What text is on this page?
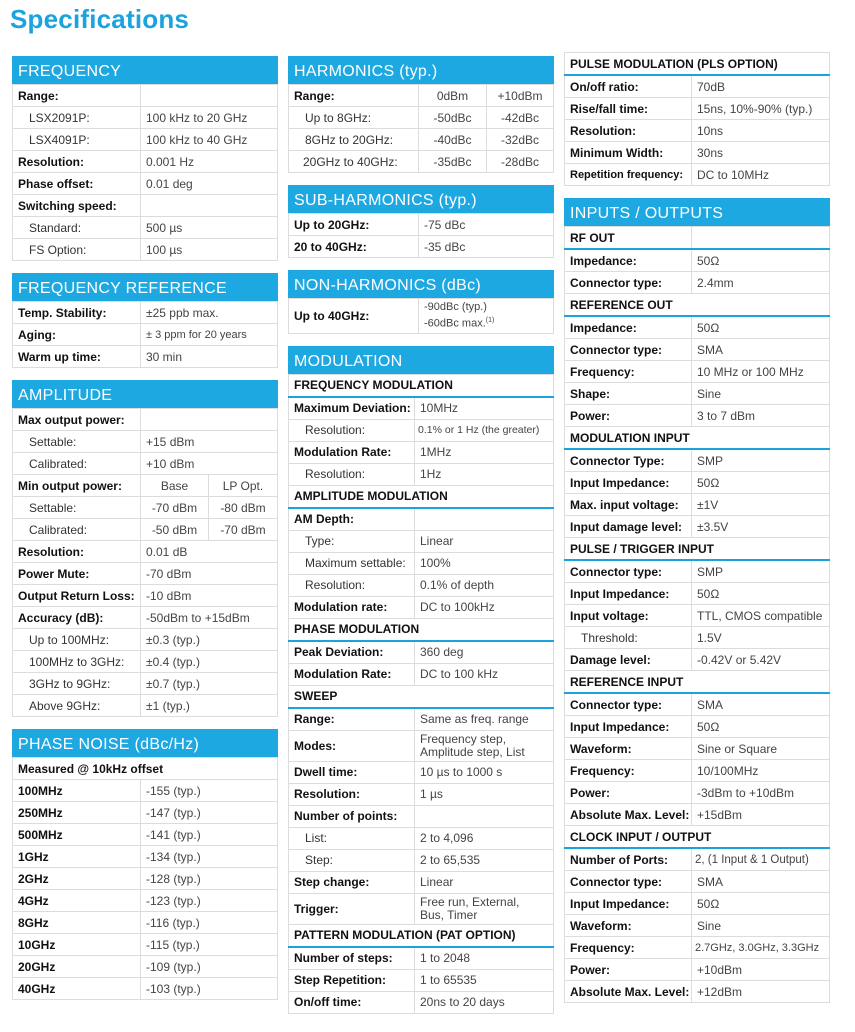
Specifications
FREQUENCY
Range:	
LSX2091P:	100 kHz to 20 GHz
LSX4091P:	100 kHz to 40 GHz
Resolution:	0.001 Hz
Phase offset:	0.01 deg
Switching speed:	
Standard:	500 µs
FS Option:	100 µs
FREQUENCY REFERENCE
Temp. Stability:	±25 ppb max.
Aging:	± 3 ppm for 20 years
Warm up time:	30 min
AMPLITUDE
Max output power:		
Settable:	+15 dBm	
Calibrated:	+10 dBm	
Min output power:	Base	LP Opt.
Settable:	-70 dBm	-80 dBm
Calibrated:	-50 dBm	-70 dBm
Resolution:	0.01 dB	
Power Mute:	-70 dBm	
Output Return Loss:	-10 dBm	
Accuracy (dB):	-50dBm to +15dBm	
Up to 100MHz:	±0.3 (typ.)	
100MHz to 3GHz:	±0.4 (typ.)	
3GHz to 9GHz:	±0.7 (typ.)	
Above 9GHz:	±1 (typ.)	
PHASE NOISE (dBc/Hz)
Measured @ 10kHz offset	
100MHz	-155 (typ.)
250MHz	-147 (typ.)
500MHz	-141 (typ.)
1GHz	-134 (typ.)
2GHz	-128 (typ.)
4GHz	-123 (typ.)
8GHz	-116 (typ.)
10GHz	-115 (typ.)
20GHz	-109 (typ.)
40GHz	-103 (typ.)
HARMONICS (typ.)
Range:	0dBm	+10dBm
Up to 8GHz:	-50dBc	-42dBc
8GHz to 20GHz:	-40dBc	-32dBc
20GHz to 40GHz:	-35dBc	-28dBc
SUB-HARMONICS (typ.)
Up to 20GHz:	-75 dBc
20 to 40GHz:	-35 dBc
NON-HARMONICS (dBc)
Up to 40GHz:	
-90dBc (typ.)
-60dBc max.$^{(1)}$
MODULATION
FREQUENCY MODULATION	
Maximum Deviation:	10MHz
Resolution:	0.1% or 1 Hz (the greater)
Modulation Rate:	1MHz
Resolution:	1Hz
AMPLITUDE MODULATION	
AM Depth:	
Type:	Linear
Maximum settable:	100%
Resolution:	0.1% of depth
Modulation rate:	DC to 100kHz
PHASE MODULATION	
Peak Deviation:	360 deg
Modulation Rate:	DC to 100 kHz
SWEEP	
Range:	Same as freq. range
Modes:	Frequency step,
Amplitude step, List

Dwell time:	10 µs to 1000 s
Resolution:	1 µs
Number of points:	
List:	2 to 4,096
Step:	2 to 65,535
Step change:	Linear
Trigger:	Free run, External,
Bus, Timer

PATTERN MODULATION (PAT OPTION)	
Number of steps:	1 to 2048
Step Repetition:	1 to 65535
On/off time:	20ns to 20 days
PULSE MODULATION (PLS OPTION)	
On/off ratio:	70dB
Rise/fall time:	15ns, 10%-90% (typ.)
Resolution:	10ns
Minimum Width:	30ns
Repetition frequency:	DC to 10MHz
INPUTS / OUTPUTS
RF OUT	
Impedance:	50Ω
Connector type:	2.4mm
REFERENCE OUT	
Impedance:	50Ω
Connector type:	SMA
Frequency:	10 MHz or 100 MHz
Shape:	Sine
Power:	3 to 7 dBm
MODULATION INPUT	
Connector Type:	SMP
Input Impedance:	50Ω
Max. input voltage:	±1V
Input damage level:	±3.5V
PULSE / TRIGGER INPUT	
Connector type:	SMP
Input Impedance:	50Ω
Input voltage:	TTL, CMOS compatible
Threshold:	1.5V
Damage level:	-0.42V or 5.42V
REFERENCE INPUT	
Connector type:	SMA
Input Impedance:	50Ω
Waveform:	Sine or Square
Frequency:	10/100MHz
Power:	-3dBm to +10dBm
Absolute Max. Level:	+15dBm
CLOCK INPUT / OUTPUT	
Number of Ports:	2, (1 Input & 1 Output)
Connector type:	SMA
Input Impedance:	50Ω
Waveform:	Sine
Frequency:	2.7GHz, 3.0GHz, 3.3GHz
Power:	+10dBm
Absolute Max. Level:	+12dBm
